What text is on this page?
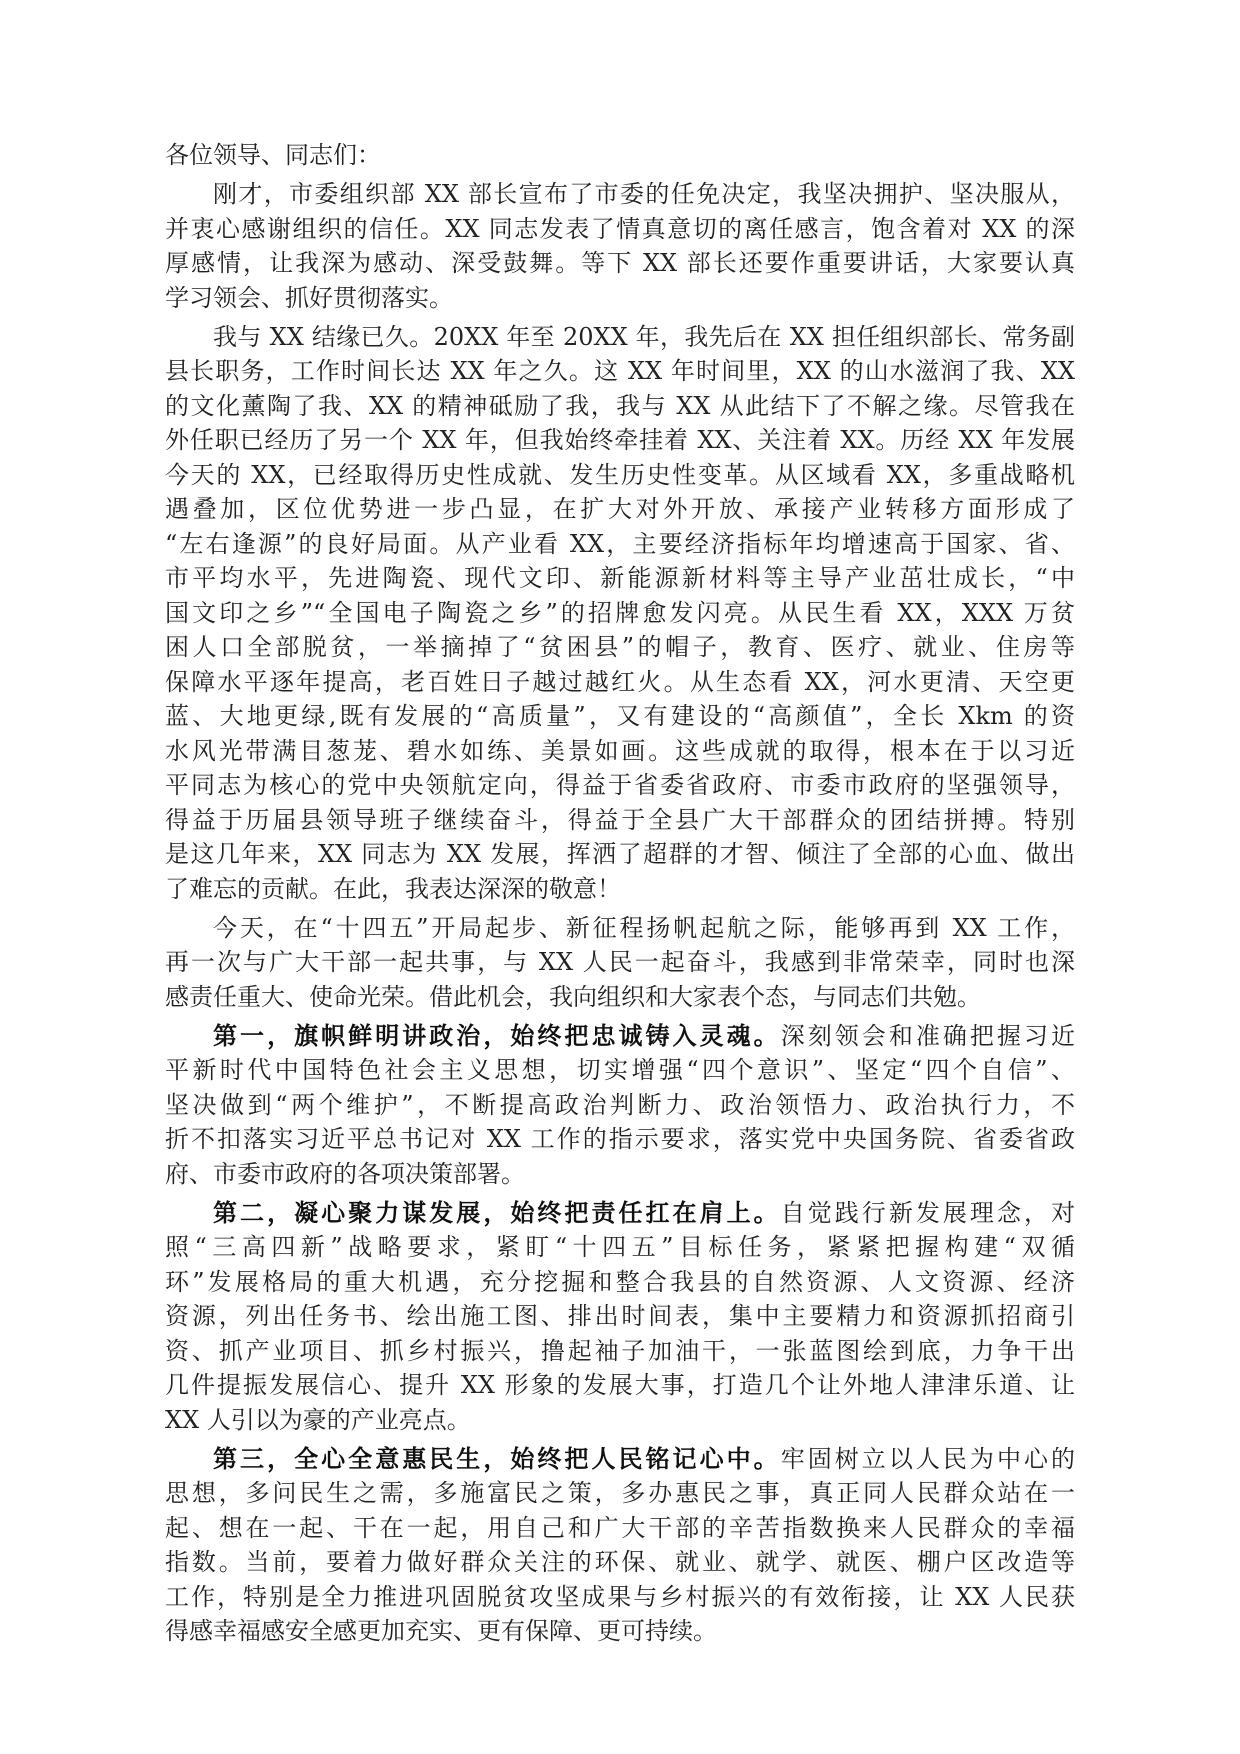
各位领导、同志们：
刚才，市委组织部 XX 部长宣布了市委的任免决定，我坚决拥护、坚决服从，
并衷心感谢组织的信任。XX 同志发表了情真意切的离任感言，饱含着对 XX 的深
厚感情，让我深为感动、深受鼓舞。等下 XX 部长还要作重要讲话，大家要认真
学习领会、抓好贯彻落实。
我与 XX 结缘已久。20XX 年至 20XX 年，我先后在 XX 担任组织部长、常务副
县长职务，工作时间长达 XX 年之久。这 XX 年时间里，XX 的山水滋润了我、XX
的文化薰陶了我、XX 的精神砥励了我，我与 XX 从此结下了不解之缘。尽管我在
外任职已经历了另一个 XX 年，但我始终牵挂着 XX、关注着 XX。历经 XX 年发展
今天的 XX，已经取得历史性成就、发生历史性变革。从区域看 XX，多重战略机
遇叠加，区位优势进一步凸显，在扩大对外开放、承接产业转移方面形成了
“左右逢源”的良好局面。从产业看 XX，主要经济指标年均增速高于国家、省、
市平均水平，先进陶瓷、现代文印、新能源新材料等主导产业茁壮成长，“中
国文印之乡”“全国电子陶瓷之乡”的招牌愈发闪亮。从民生看 XX，XXX 万贫
困人口全部脱贫，一举摘掉了“贫困县”的帽子，教育、医疗、就业、住房等
保障水平逐年提高，老百姓日子越过越红火。从生态看 XX，河水更清、天空更
蓝、大地更绿,既有发展的“高质量”，又有建设的“高颜值”，全长 Xkm 的资
水风光带满目葱茏、碧水如练、美景如画。这些成就的取得，根本在于以习近
平同志为核心的党中央领航定向，得益于省委省政府、市委市政府的坚强领导，
得益于历届县领导班子继续奋斗，得益于全县广大干部群众的团结拼搏。特别
是这几年来，XX 同志为 XX 发展，挥洒了超群的才智、倾注了全部的心血、做出
了难忘的贡献。在此，我表达深深的敬意！
今天，在“十四五”开局起步、新征程扬帆起航之际，能够再到 XX 工作，
再一次与广大干部一起共事，与 XX 人民一起奋斗，我感到非常荣幸，同时也深
感责任重大、使命光荣。借此机会，我向组织和大家表个态，与同志们共勉。
第一，旗帜鲜明讲政治，始终把忠诚铸入灵魂。深刻领会和准确把握习近
平新时代中国特色社会主义思想，切实增强“四个意识”、坚定“四个自信”、
坚决做到“两个维护”，不断提高政治判断力、政治领悟力、政治执行力，不
折不扣落实习近平总书记对 XX 工作的指示要求，落实党中央国务院、省委省政
府、市委市政府的各项决策部署。
第二，凝心聚力谋发展，始终把责任扛在肩上。自觉践行新发展理念，对
照“三高四新”战略要求，紧盯“十四五”目标任务，紧紧把握构建“双循
环”发展格局的重大机遇，充分挖掘和整合我县的自然资源、人文资源、经济
资源，列出任务书、绘出施工图、排出时间表，集中主要精力和资源抓招商引
资、抓产业项目、抓乡村振兴，撸起袖子加油干，一张蓝图绘到底，力争干出
几件提振发展信心、提升 XX 形象的发展大事，打造几个让外地人津津乐道、让
XX 人引以为豪的产业亮点。
第三，全心全意惠民生，始终把人民铭记心中。牢固树立以人民为中心的
思想，多问民生之需，多施富民之策，多办惠民之事，真正同人民群众站在一
起、想在一起、干在一起，用自己和广大干部的辛苦指数换来人民群众的幸福
指数。当前，要着力做好群众关注的环保、就业、就学、就医、棚户区改造等
工作，特别是全力推进巩固脱贫攻坚成果与乡村振兴的有效衔接，让 XX 人民获
得感幸福感安全感更加充实、更有保障、更可持续。
